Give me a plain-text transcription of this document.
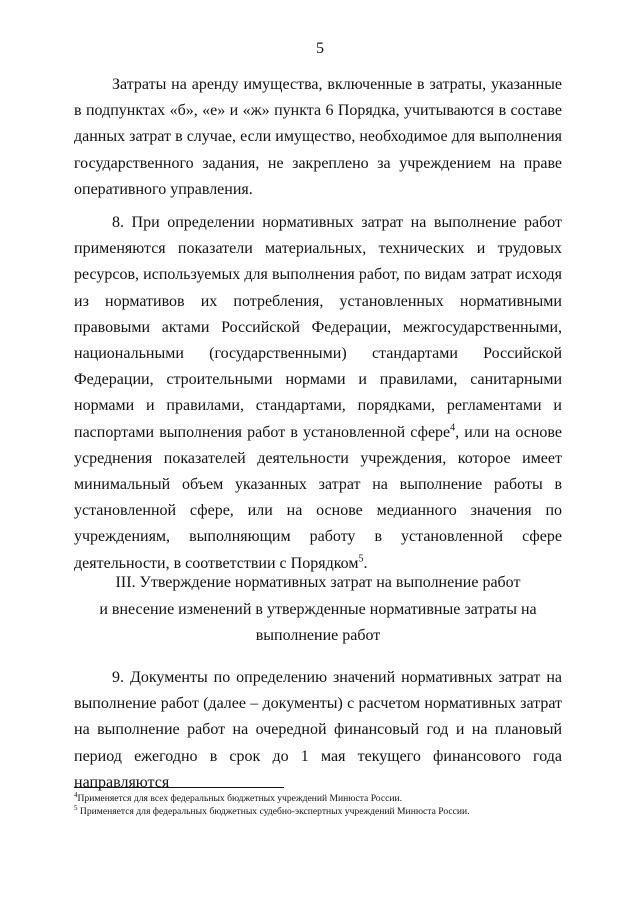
5

Затраты на аренду имущества, включенные в затраты, указанные в подпунктах «б», «е» и «ж» пункта 6 Порядка, учитываются в составе данных затрат в случае, если имущество, необходимое для выполнения государственного задания, не закреплено за учреждением на праве оперативного управления.

8. При определении нормативных затрат на выполнение работ применяются показатели материальных, технических и трудовых ресурсов, используемых для выполнения работ, по видам затрат исходя из нормативов их потребления, установленных нормативными правовыми актами Российской Федерации, межгосударственными, национальными (государственными) стандартами Российской Федерации, строительными нормами и правилами, санитарными нормами и правилами, стандартами, порядками, регламентами и паспортами выполнения работ в установленной сфере$^4$, или на основе усреднения показателей деятельности учреждения, которое имеет минимальный объем указанных затрат на выполнение работы в установленной сфере, или на основе медианного значения по учреждениям, выполняющим работу в установленной сфере деятельности, в соответствии с Порядком$^5$.

III. Утверждение нормативных затрат на выполнение работ
и внесение изменений в утвержденные нормативные затраты на
выполнение работ

9. Документы по определению значений нормативных затрат на выполнение работ (далее – документы) с расчетом нормативных затрат на выполнение работ на очередной финансовый год и на плановый период ежегодно в срок до 1 мая текущего финансового года направляются

$^4$Применяется для всех федеральных бюджетных учреждений Минюста России.

$^5$ Применяется для федеральных бюджетных судебно-экспертных учреждений Минюста России.
